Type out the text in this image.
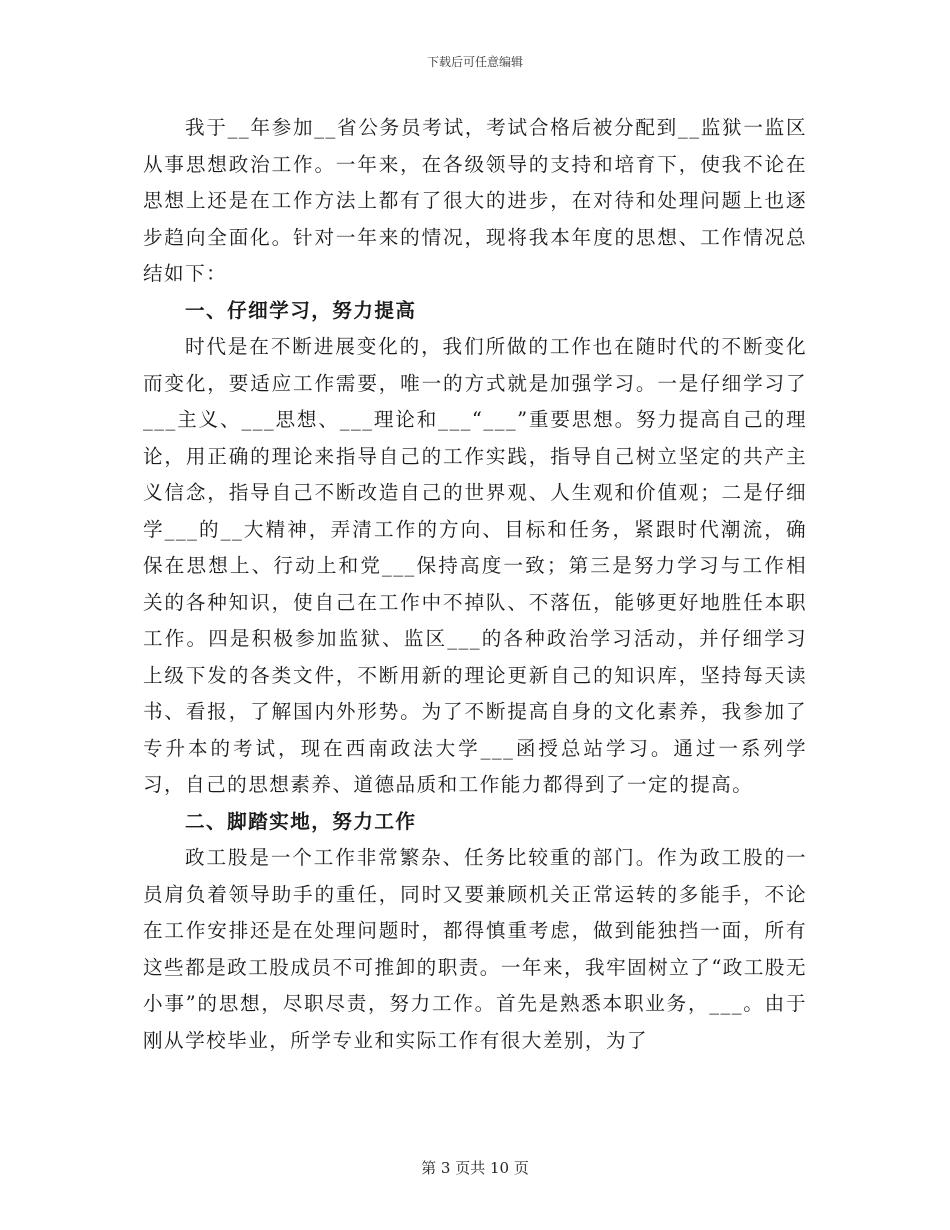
下载后可任意编辑

我于__年参加__省公务员考试，考试合格后被分配到__监狱一监区从事思想政治工作。一年来，在各级领导的支持和培育下，使我不论在思想上还是在工作方法上都有了很大的进步，在对待和处理问题上也逐步趋向全面化。针对一年来的情况，现将我本年度的思想、工作情况总结如下：

一、仔细学习，努力提高

时代是在不断进展变化的，我们所做的工作也在随时代的不断变化而变化，要适应工作需要，唯一的方式就是加强学习。一是仔细学习了___主义、___思想、___理论和___“___”重要思想。努力提高自己的理论，用正确的理论来指导自己的工作实践，指导自己树立坚定的共产主义信念，指导自己不断改造自己的世界观、人生观和价值观；二是仔细学___的__大精神，弄清工作的方向、目标和任务，紧跟时代潮流，确保在思想上、行动上和党___保持高度一致；第三是努力学习与工作相关的各种知识，使自己在工作中不掉队、不落伍，能够更好地胜任本职工作。四是积极参加监狱、监区___的各种政治学习活动，并仔细学习上级下发的各类文件，不断用新的理论更新自己的知识库，坚持每天读书、看报，了解国内外形势。为了不断提高自身的文化素养，我参加了专升本的考试，现在西南政法大学___函授总站学习。通过一系列学习，自己的思想素养、道德品质和工作能力都得到了一定的提高。

二、脚踏实地，努力工作

政工股是一个工作非常繁杂、任务比较重的部门。作为政工股的一员肩负着领导助手的重任，同时又要兼顾机关正常运转的多能手，不论在工作安排还是在处理问题时，都得慎重考虑，做到能独挡一面，所有这些都是政工股成员不可推卸的职责。一年来，我牢固树立了“政工股无小事”的思想，尽职尽责，努力工作。首先是熟悉本职业务，___。由于刚从学校毕业，所学专业和实际工作有很大差别，为了

第 3 页共 10 页
